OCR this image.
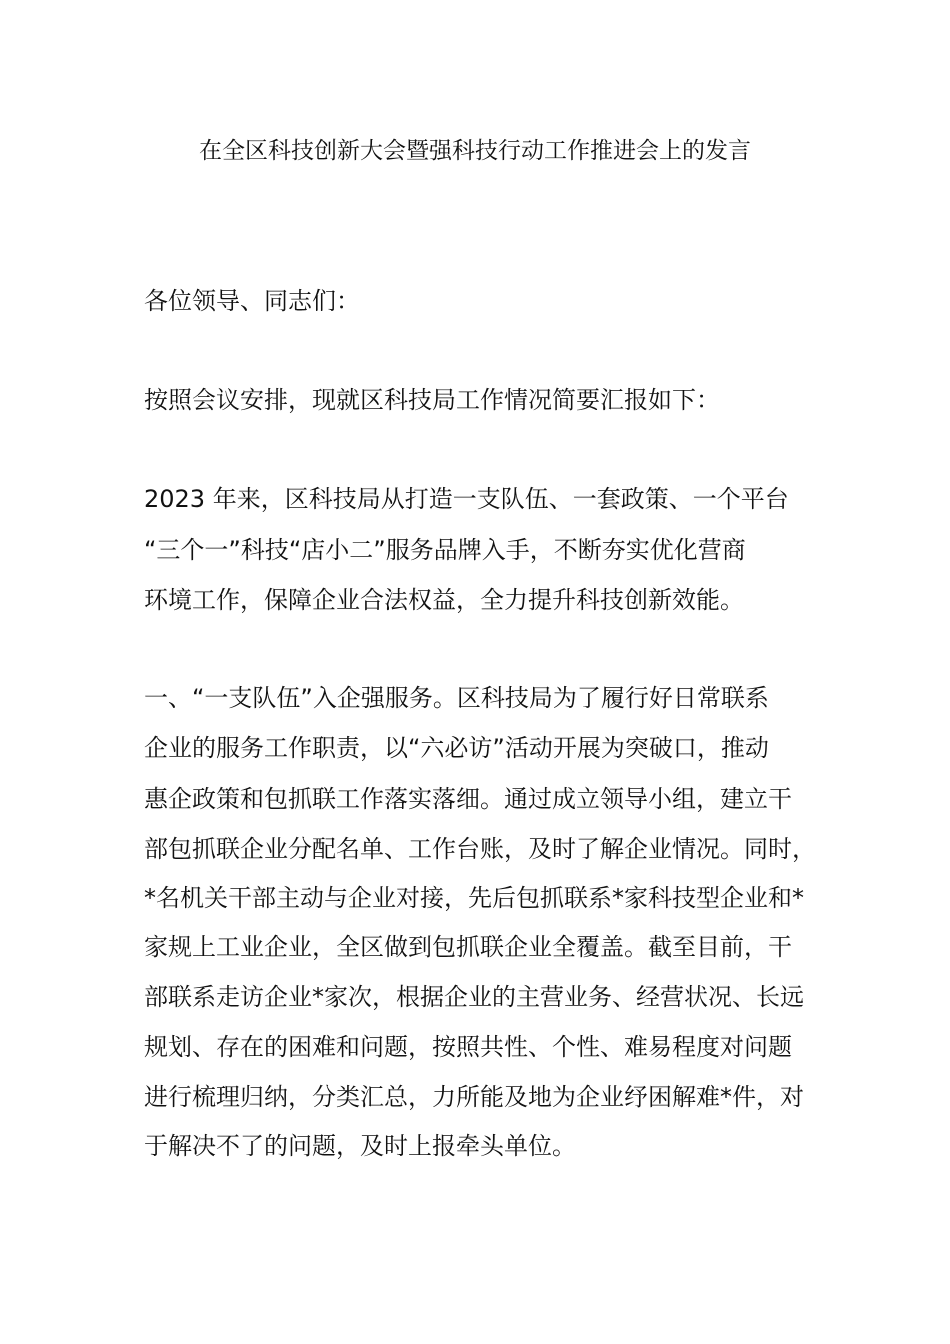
在全区科技创新大会暨强科技行动工作推进会上的发言
各位领导、同志们：
按照会议安排，现就区科技局工作情况简要汇报如下：
2023 年来，区科技局从打造一支队伍、一套政策、一个平台
“三个一”科技“店小二”服务品牌入手，不断夯实优化营商
环境工作，保障企业合法权益，全力提升科技创新效能。
一、“一支队伍”入企强服务。区科技局为了履行好日常联系
企业的服务工作职责，以“六必访”活动开展为突破口，推动
惠企政策和包抓联工作落实落细。通过成立领导小组，建立干
部包抓联企业分配名单、工作台账，及时了解企业情况。同时，
*名机关干部主动与企业对接，先后包抓联系*家科技型企业和*
家规上工业企业，全区做到包抓联企业全覆盖。截至目前，干
部联系走访企业*家次，根据企业的主营业务、经营状况、长远
规划、存在的困难和问题，按照共性、个性、难易程度对问题
进行梳理归纳，分类汇总，力所能及地为企业纾困解难*件，对
于解决不了的问题，及时上报牵头单位。
